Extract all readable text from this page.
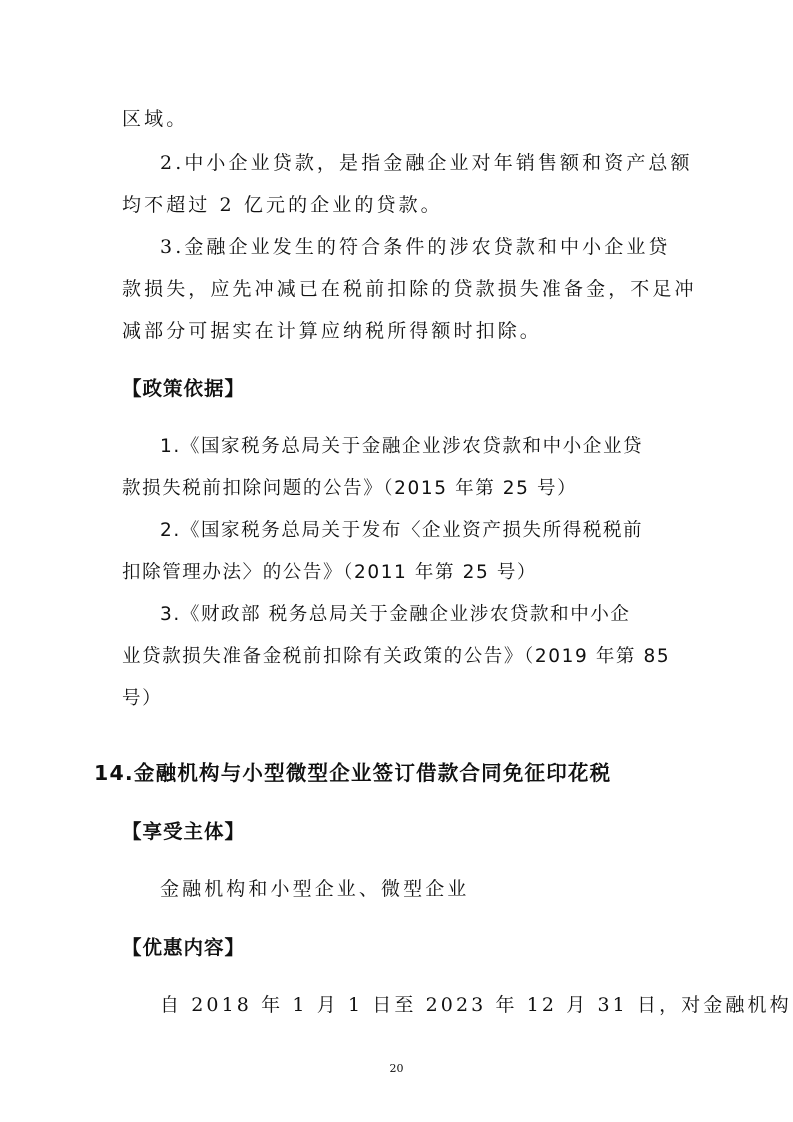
区域。

2.中小企业贷款，是指金融企业对年销售额和资产总额

均不超过 2 亿元的企业的贷款。

3.金融企业发生的符合条件的涉农贷款和中小企业贷

款损失，应先冲减已在税前扣除的贷款损失准备金，不足冲

减部分可据实在计算应纳税所得额时扣除。

【政策依据】

1.《国家税务总局关于金融企业涉农贷款和中小企业贷

款损失税前扣除问题的公告》（2015 年第 25 号）

2.《国家税务总局关于发布〈企业资产损失所得税税前

扣除管理办法〉的公告》（2011 年第 25 号）

3.《财政部 税务总局关于金融企业涉农贷款和中小企

业贷款损失准备金税前扣除有关政策的公告》（2019 年第 85

号）

14.金融机构与小型微型企业签订借款合同免征印花税

【享受主体】

金融机构和小型企业、微型企业

【优惠内容】

自 2018 年 1 月 1 日至 2023 年 12 月 31 日，对金融机构

20
